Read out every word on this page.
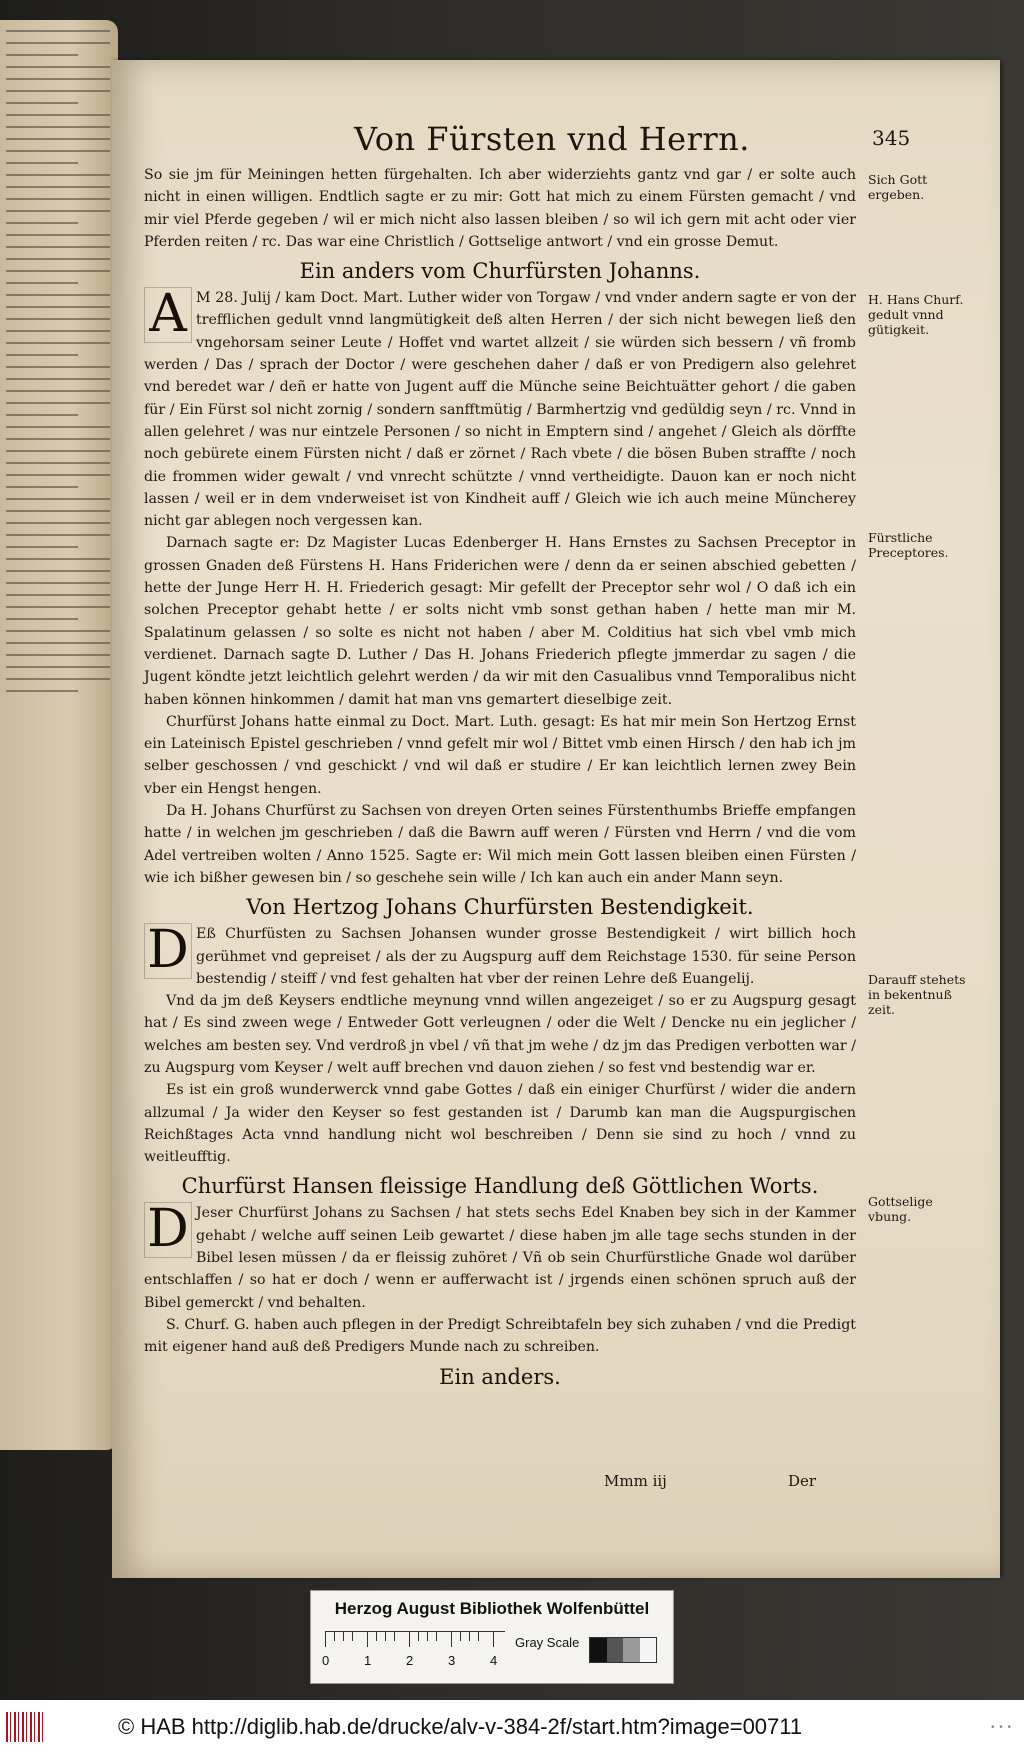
Von Fürsten vnd Herrn.	345

So sie jm für Meiningen hetten fürgehalten. Ich aber widerziehts gantz vnd gar / er solte auch nicht in einen willigen. Endtlich sagte er zu mir: Gott hat mich zu einem Fürsten gemacht / vnd mir viel Pferde gegeben / wil er mich nicht also lassen bleiben / so wil ich gern mit acht oder vier Pferden reiten / rc. Das war eine Christlich / Gottselige antwort / vnd ein grosse Demut.

Ein anders vom Churfürsten Johanns.
A M 28. Julij / kam Doct. Mart. Luther wider von Torgaw / vnd vnder andern sagte er von der trefflichen gedult vnnd langmütigkeit deß alten Herren / der sich nicht bewegen ließ den vngehorsam seiner Leute / Hoffet vnd wartet allzeit / sie würden sich bessern / vñ fromb werden / Das / sprach der Doctor / were geschehen daher / daß er von Predigern also gelehret vnd beredet war / deñ er hatte von Jugent auff die Münche seine Beichtuätter gehort / die gaben für / Ein Fürst sol nicht zornig / sondern sanfftmütig / Barmhertzig vnd gedüldig seyn / rc. Vnnd in allen gelehret / was nur eintzele Personen / so nicht in Emptern sind / angehet / Gleich als dörffte noch gebürete einem Fürsten nicht / daß er zörnet / Rach vbete / die bösen Buben straffte / noch die frommen wider gewalt / vnd vnrecht schützte / vnnd vertheidigte. Dauon kan er noch nicht lassen / weil er in dem vnderweiset ist von Kindheit auff / Gleich wie ich auch meine Müncherey nicht gar ablegen noch vergessen kan.

Darnach sagte er: Dz Magister Lucas Edenberger H. Hans Ernstes zu Sachsen Preceptor in grossen Gnaden deß Fürstens H. Hans Friderichen were / denn da er seinen abschied gebetten / hette der Junge Herr H. H. Friederich gesagt: Mir gefellt der Preceptor sehr wol / O daß ich ein solchen Preceptor gehabt hette / er solts nicht vmb sonst gethan haben / hette man mir M. Spalatinum gelassen / so solte es nicht not haben / aber M. Colditius hat sich vbel vmb mich verdienet. Darnach sagte D. Luther / Das H. Johans Friederich pflegte jmmerdar zu sagen / die Jugent köndte jetzt leichtlich gelehrt werden / da wir mit den Casualibus vnnd Temporalibus nicht haben können hinkommen / damit hat man vns gemartert dieselbige zeit.

Churfürst Johans hatte einmal zu Doct. Mart. Luth. gesagt: Es hat mir mein Son Hertzog Ernst ein Lateinisch Epistel geschrieben / vnnd gefelt mir wol / Bittet vmb einen Hirsch / den hab ich jm selber geschossen / vnd geschickt / vnd wil daß er studire / Er kan leichtlich lernen zwey Bein vber ein Hengst hengen.

Da H. Johans Churfürst zu Sachsen von dreyen Orten seines Fürstenthumbs Brieffe empfangen hatte / in welchen jm geschrieben / daß die Bawrn auff weren / Fürsten vnd Herrn / vnd die vom Adel vertreiben wolten / Anno 1525. Sagte er: Wil mich mein Gott lassen bleiben einen Fürsten / wie ich bißher gewesen bin / so geschehe sein wille / Ich kan auch ein ander Mann seyn.

Von Hertzog Johans Churfürsten Bestendigkeit.
D Eß Churfüsten zu Sachsen Johansen wunder grosse Bestendigkeit / wirt billich hoch gerühmet vnd gepreiset / als der zu Augspurg auff dem Reichstage 1530. für seine Person bestendig / steiff / vnd fest gehalten hat vber der reinen Lehre deß Euangelij.

Vnd da jm deß Keysers endtliche meynung vnnd willen angezeiget / so er zu Augspurg gesagt hat / Es sind zween wege / Entweder Gott verleugnen / oder die Welt / Dencke nu ein jeglicher / welches am besten sey. Vnd verdroß jn vbel / vñ that jm wehe / dz jm das Predigen verbotten war / zu Augspurg vom Keyser / welt auff brechen vnd dauon ziehen / so fest vnd bestendig war er.

Es ist ein groß wunderwerck vnnd gabe Gottes / daß ein einiger Churfürst / wider die andern allzumal / Ja wider den Keyser so fest gestanden ist / Darumb kan man die Augspurgischen Reichßtages Acta vnnd handlung nicht wol beschreiben / Denn sie sind zu hoch / vnnd zu weitleufftig.

Churfürst Hansen fleissige Handlung deß Göttlichen Worts.
D Jeser Churfürst Johans zu Sachsen / hat stets sechs Edel Knaben bey sich in der Kammer gehabt / welche auff seinen Leib gewartet / diese haben jm alle tage sechs stunden in der Bibel lesen müssen / da er fleissig zuhöret / Vñ ob sein Churfürstliche Gnade wol darüber entschlaffen / so hat er doch / wenn er aufferwacht ist / jrgends einen schönen spruch auß der Bibel gemerckt / vnd behalten.

S. Churf. G. haben auch pflegen in der Predigt Schreibtafeln bey sich zuhaben / vnd die Predigt mit eigener hand auß deß Predigers Munde nach zu schreiben.

Ein anders.
Sich Gott ergeben.
H. Hans Churf. gedult vnnd gütigkeit.
Fürstliche Preceptores.
Darauff stehets in bekentnuß zeit.
Gottselige vbung.
Mmm iij	Der
Herzog August Bibliothek Wolfenbüttel
0	1	2	3	4
Gray Scale
© HAB http://diglib.hab.de/drucke/alv-v-384-2f/start.htm?image=00711	• • •
